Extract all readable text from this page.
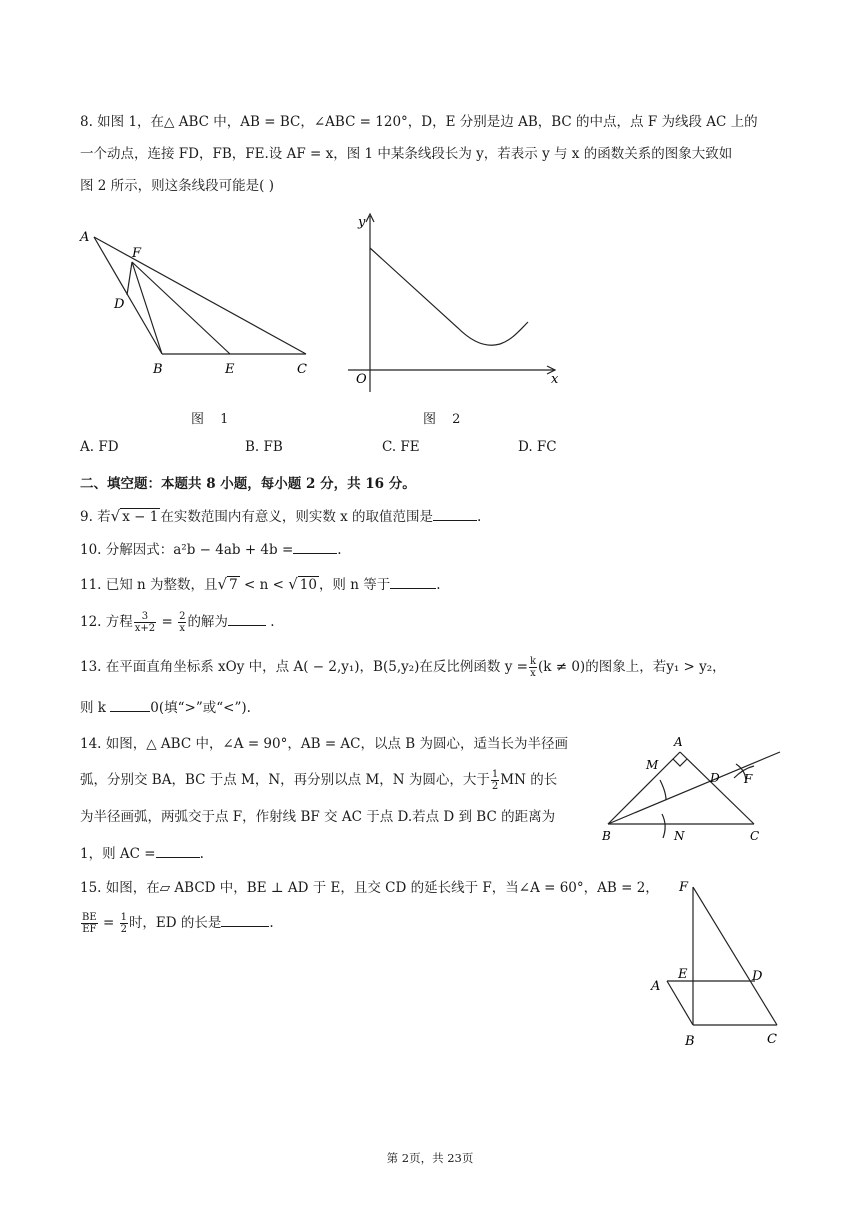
8. 如图 1，在△ ABC 中，AB = BC，∠ABC = 120°，D，E 分别是边 AB，BC 的中点，点 F 为线段 AC 上的
一个动点，连接 FD，FB，FE.设 AF = x，图 1 中某条线段长为 y，若表示 y 与 x 的函数关系的图象大致如
图 2 所示，则这条线段可能是( )
A
F
D
B	E	C
图 1
y
O	x
图 2
A. FD	B. FB	C. FE	D. FC
二、填空题：本题共 8 小题，每小题 2 分，共 16 分。
9. 若√ x − 1 在实数范围内有意义，则实数 x 的取值范围是	.
10. 分解因式：a²b − 4ab + 4b =	.
11. 已知 n 为整数，且√ 7 < n < √ 10 ，则 n 等于	.
12. 方程 $\frac{3}{x+2} = \frac{2}{x}$ 的解为	.
13. 在平面直角坐标系 xOy 中，点 A( − 2,y₁)，B(5,y₂)在反比例函数 $y = \frac{k}{x} (k \ne 0)$的图象上，若y₁ > y₂，
则 k	0(填“>”或“<”).
14. 如图，△ ABC 中，∠A = 90°，AB = AC，以点 B 为圆心，适当长为半径画
弧，分别交 BA，BC 于点 M，N，再分别以点 M，N 为圆心，大于 $\frac{1}{2}$ MN 的长
为半径画弧，两弧交于点 F，作射线 BF 交 AC 于点 D.若点 D 到 BC 的距离为
1，则 AC =	.
A
M
D F
B	N	C
15. 如图，在▱ ABCD 中，BE ⊥ AD 于 E，且交 CD 的延长线于 F，当∠A = 60°，AB = 2，
$\frac{BE}{EF} = \frac{1}{2}$ 时，ED 的长是	.
F
A
E	D
B	C
第 2页，共 23页
